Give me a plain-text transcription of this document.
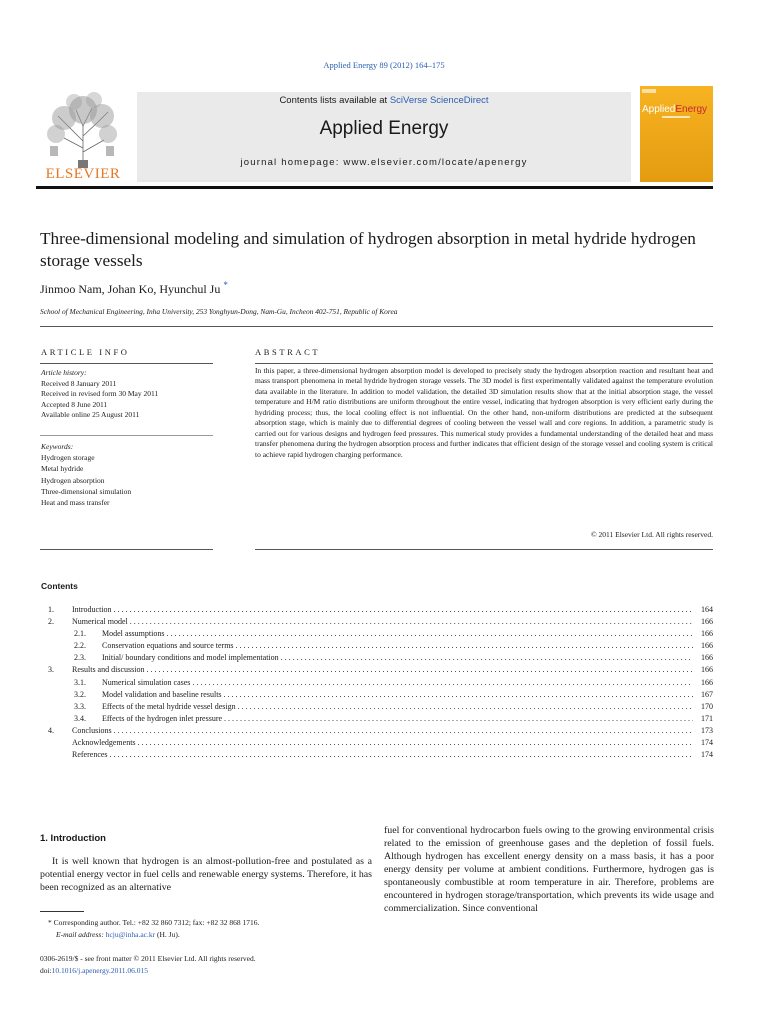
Applied Energy 89 (2012) 164–175
ELSEVIER
Contents lists available at SciVerse ScienceDirect
Applied Energy
journal homepage: www.elsevier.com/locate/apenergy
AppliedEnergy
Three-dimensional modeling and simulation of hydrogen absorption in metal hydride hydrogen storage vessels
Jinmoo Nam, Johan Ko, Hyunchul Ju *
School of Mechanical Engineering, Inha University, 253 Yonghyun-Dong, Nam-Gu, Incheon 402-751, Republic of Korea
ARTICLE INFO	ABSTRACT
Article history:
Received 8 January 2011
Received in revised form 30 May 2011
Accepted 8 June 2011
Available online 25 August 2011
Keywords:
Hydrogen storage
Metal hydride
Hydrogen absorption
Three-dimensional simulation
Heat and mass transfer
In this paper, a three-dimensional hydrogen absorption model is developed to precisely study the hydrogen absorption reaction and resultant heat and mass transport phenomena in metal hydride hydrogen storage vessels. The 3D model is first experimentally validated against the temperature evolution data available in the literature. In addition to model validation, the detailed 3D simulation results show that at the initial absorption stage, the vessel temperature and H/M ratio distributions are uniform throughout the entire vessel, indicating that hydrogen absorption is very efficient early during the hydriding process; thus, the local cooling effect is not influential. On the other hand, non-uniform distributions are predicted at the subsequent absorption stage, which is mainly due to differential degrees of cooling between the vessel wall and core regions. In addition, a parametric study is carried out for various designs and hydrogen feed pressures. This numerical study provides a fundamental understanding of the detailed heat and mass transfer phenomena during the hydrogen absorption process and further indicates that efficient design of the storage vessel and cooling system is critical to achieve rapid hydrogen charging performance.
© 2011 Elsevier Ltd. All rights reserved.
Contents
1. Introduction . . .	164
2. Numerical model . . .	166
2.1. Model assumptions . . .	166
2.2. Conservation equations and source terms . . .	166
2.3. Initial/ boundary conditions and model implementation . . .	166
3. Results and discussion . . .	166
3.1. Numerical simulation cases . . .	166
3.2. Model validation and baseline results . . .	167
3.3. Effects of the metal hydride vessel design . . .	170
3.4. Effects of the hydrogen inlet pressure . . .	171
4. Conclusions . . .	173
Acknowledgements . . .	174
References . . .	174
1. Introduction

It is well known that hydrogen is an almost-pollution-free and postulated as a potential energy vector in fuel cells and renewable energy systems. Therefore, it has been recognized as an alternative

fuel for conventional hydrocarbon fuels owing to the growing environmental crisis related to the emission of greenhouse gases and the depletion of fossil fuels. Although hydrogen has excellent energy density on a mass basis, it has a poor energy density per volume at ambient conditions. Furthermore, hydrogen gas is spontaneously combustible at room temperature in air. Therefore, problems are encountered in hydrogen storage/transportation, which prevents its wide usage and commercialization. Since conventional

* Corresponding author. Tel.: +82 32 860 7312; fax: +82 32 868 1716.
E-mail address: hcju@inha.ac.kr (H. Ju).
0306-2619/$ - see front matter © 2011 Elsevier Ltd. All rights reserved.
doi:10.1016/j.apenergy.2011.06.015
